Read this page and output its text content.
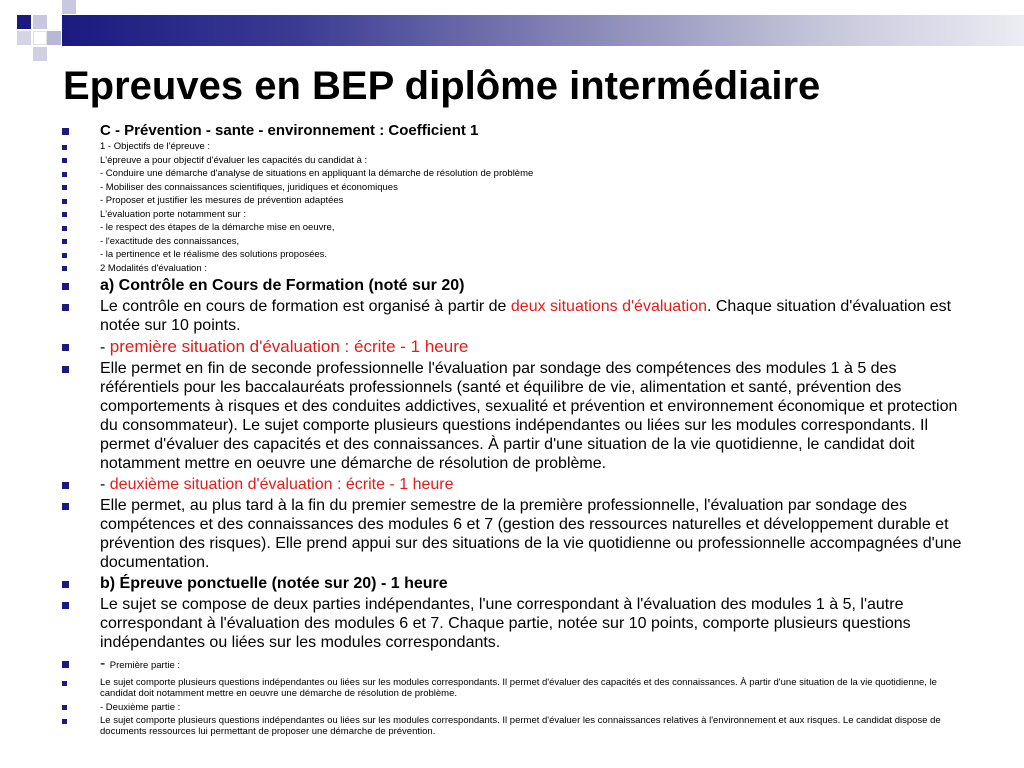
Epreuves en BEP diplôme intermédiaire
C - Prévention - sante - environnement : Coefficient 1
1 - Objectifs de l'épreuve :
L'épreuve a pour objectif d'évaluer les capacités du candidat à :
- Conduire une démarche d'analyse de situations en appliquant la démarche de résolution de problème
- Mobiliser des connaissances scientifiques, juridiques et économiques
- Proposer et justifier les mesures de prévention adaptées
L'évaluation porte notamment sur :
- le respect des étapes de la démarche mise en oeuvre,
- l'exactitude des connaissances,
- la pertinence et le réalisme des solutions proposées.
2 Modalités d'évaluation :
a) Contrôle en Cours de Formation (noté sur 20)
Le contrôle en cours de formation est organisé à partir de deux situations d'évaluation. Chaque situation d'évaluation est notée sur 10 points.
- première situation d'évaluation : écrite - 1 heure
Elle permet en fin de seconde professionnelle l'évaluation par sondage des compétences des modules 1 à 5 des référentiels pour les baccalauréats professionnels (santé et équilibre de vie, alimentation et santé, prévention des comportements à risques et des conduites addictives, sexualité et prévention et environnement économique et protection du consommateur). Le sujet comporte plusieurs questions indépendantes ou liées sur les modules correspondants. Il permet d'évaluer des capacités et des connaissances. À partir d'une situation de la vie quotidienne, le candidat doit notamment mettre en oeuvre une démarche de résolution de problème.
- deuxième situation d'évaluation : écrite - 1 heure
Elle permet, au plus tard à la fin du premier semestre de la première professionnelle, l'évaluation par sondage des compétences et des connaissances des modules 6 et 7 (gestion des ressources naturelles et développement durable et prévention des risques). Elle prend appui sur des situations de la vie quotidienne ou professionnelle accompagnées d'une documentation.
b) Épreuve ponctuelle (notée sur 20) - 1 heure
Le sujet se compose de deux parties indépendantes, l'une correspondant à l'évaluation des modules 1 à 5, l'autre correspondant à l'évaluation des modules 6 et 7. Chaque partie, notée sur 10 points, comporte plusieurs questions indépendantes ou liées sur les modules correspondants.
- Première partie :
Le sujet comporte plusieurs questions indépendantes ou liées sur les modules correspondants. Il permet d'évaluer des capacités et des connaissances. À partir d'une situation de la vie quotidienne, le candidat doit notamment mettre en oeuvre une démarche de résolution de problème.
- Deuxième partie :
Le sujet comporte plusieurs questions indépendantes ou liées sur les modules correspondants. Il permet d'évaluer les connaissances relatives à l'environnement et aux risques. Le candidat dispose de documents ressources lui permettant de proposer une démarche de prévention.
